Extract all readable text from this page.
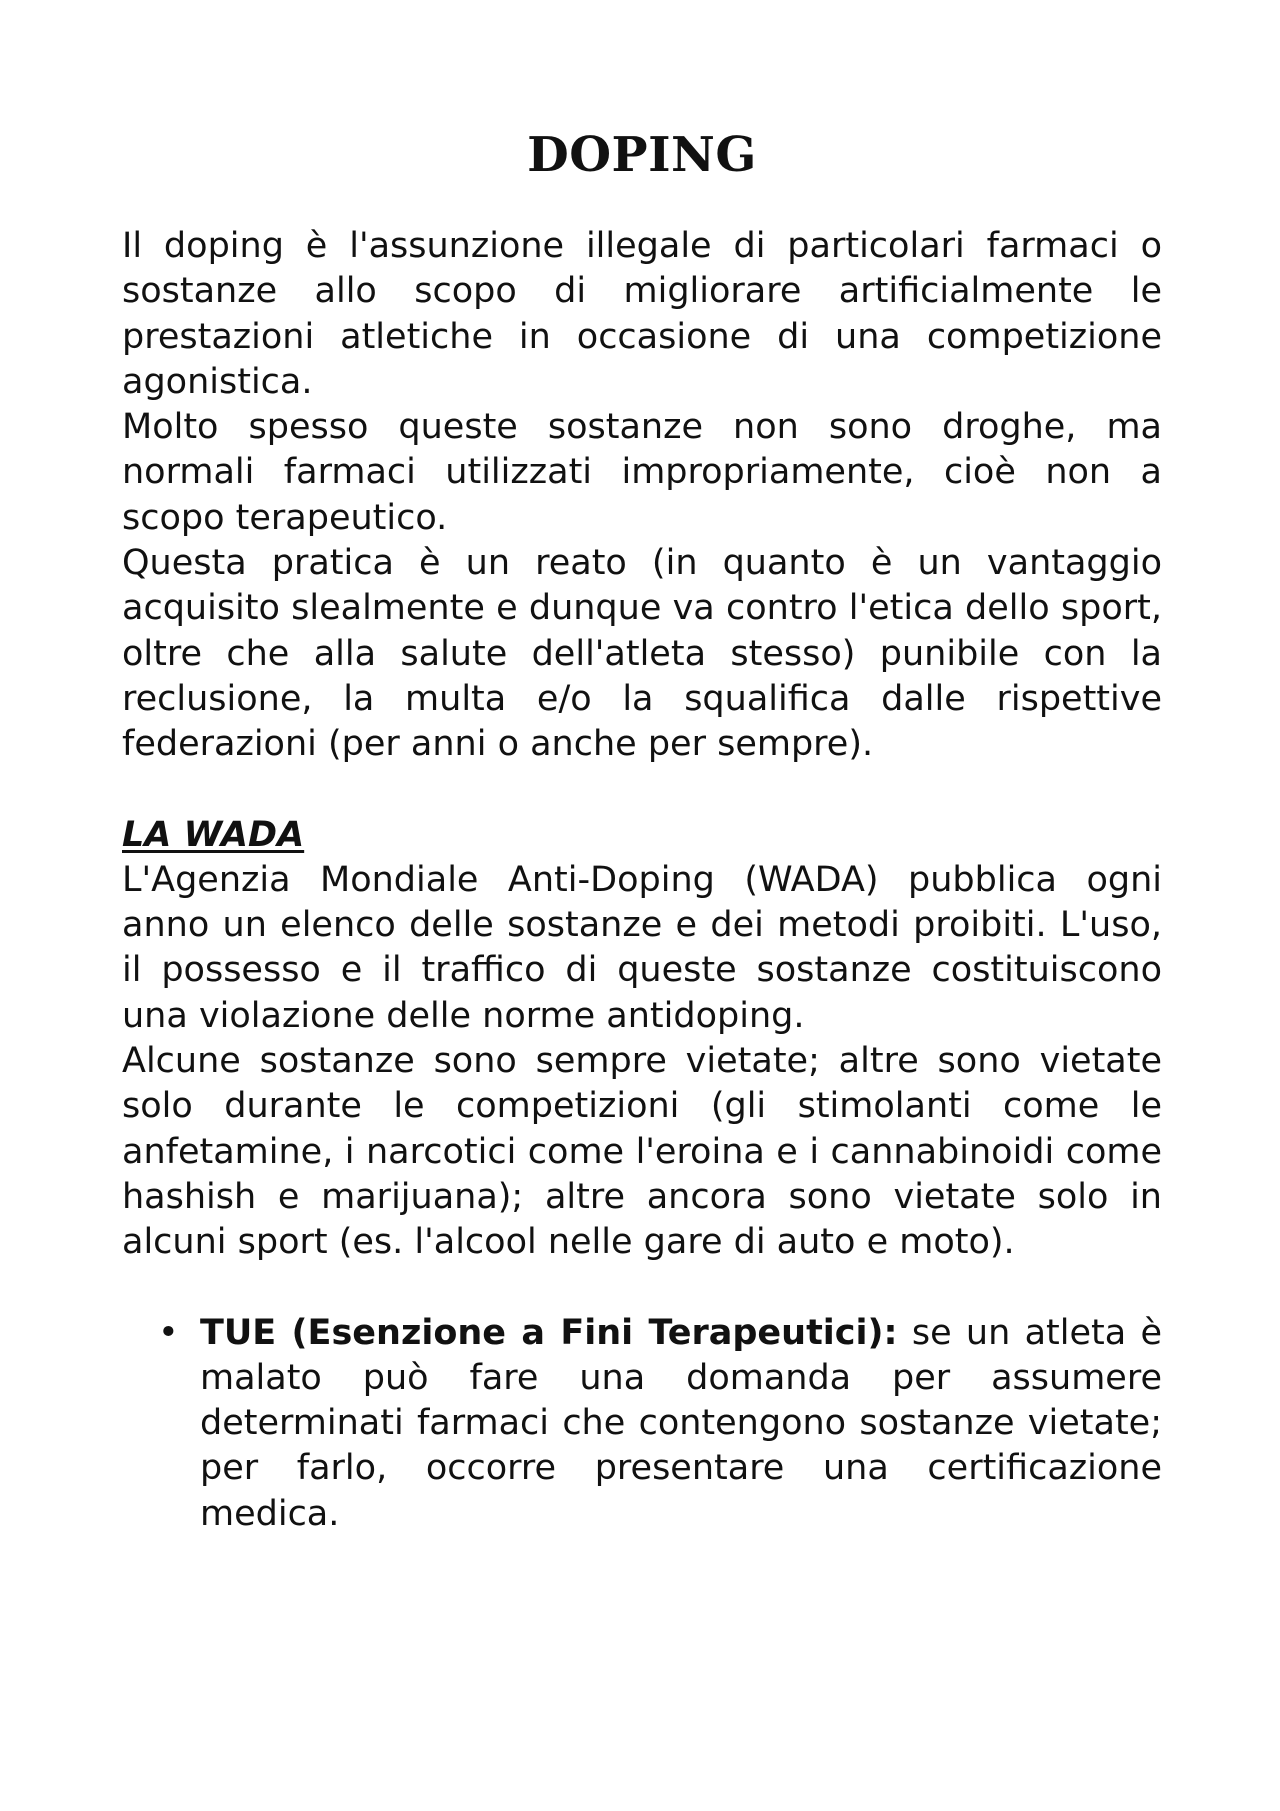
DOPING

Il doping è l'assunzione illegale di particolari farmaci o sostanze allo scopo di migliorare artificialmente le prestazioni atletiche in occasione di una competizione agonistica.

Molto spesso queste sostanze non sono droghe, ma normali farmaci utilizzati impropriamente, cioè non a scopo terapeutico.

Questa pratica è un reato (in quanto è un vantaggio acquisito slealmente e dunque va contro l'etica dello sport, oltre che alla salute dell'atleta stesso) punibile con la reclusione, la multa e/o la squalifica dalle rispettive federazioni (per anni o anche per sempre).

LA WADA

L'Agenzia Mondiale Anti-Doping (WADA) pubblica ogni anno un elenco delle sostanze e dei metodi proibiti. L'uso, il possesso e il traffico di queste sostanze costituiscono una violazione delle norme antidoping.

Alcune sostanze sono sempre vietate; altre sono vietate solo durante le competizioni (gli stimolanti come le anfetamine, i narcotici come l'eroina e i cannabinoidi come hashish e marijuana); altre ancora sono vietate solo in alcuni sport (es. l'alcool nelle gare di auto e moto).

• TUE (Esenzione a Fini Terapeutici): se un atleta è malato può fare una domanda per assumere determinati farmaci che contengono sostanze vietate; per farlo, occorre presentare una certificazione medica.
